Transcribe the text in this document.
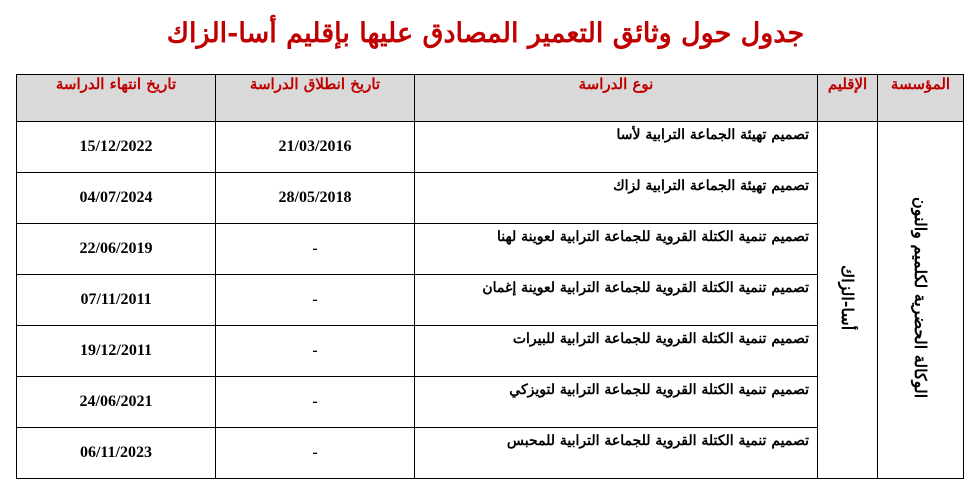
جدول حول وثائق التعمير المصادق عليها بإقليم أسا-الزاك
المؤسسة	الإقليم	نوع الدراسة	تاريخ انطلاق الدراسة	تاريخ انتهاء الدراسة
الوكالة الحضرية لكلميم والنون	أسا-الزاك	تصميم تهيئة الجماعة الترابية لأسا	21/03/2016	15/12/2022
		تصميم تهيئة الجماعة الترابية لزاك	28/05/2018	04/07/2024
		تصميم تنمية الكتلة القروية للجماعة الترابية لعوينة لهنا	-	22/06/2019
		تصميم تنمية الكتلة القروية للجماعة الترابية لعوينة إغمان	-	07/11/2011
		تصميم تنمية الكتلة القروية للجماعة الترابية للبيرات	-	19/12/2011
		تصميم تنمية الكتلة القروية للجماعة الترابية لتويزكي	-	24/06/2021
		تصميم تنمية الكتلة القروية للجماعة الترابية للمحبس	-	06/11/2023
